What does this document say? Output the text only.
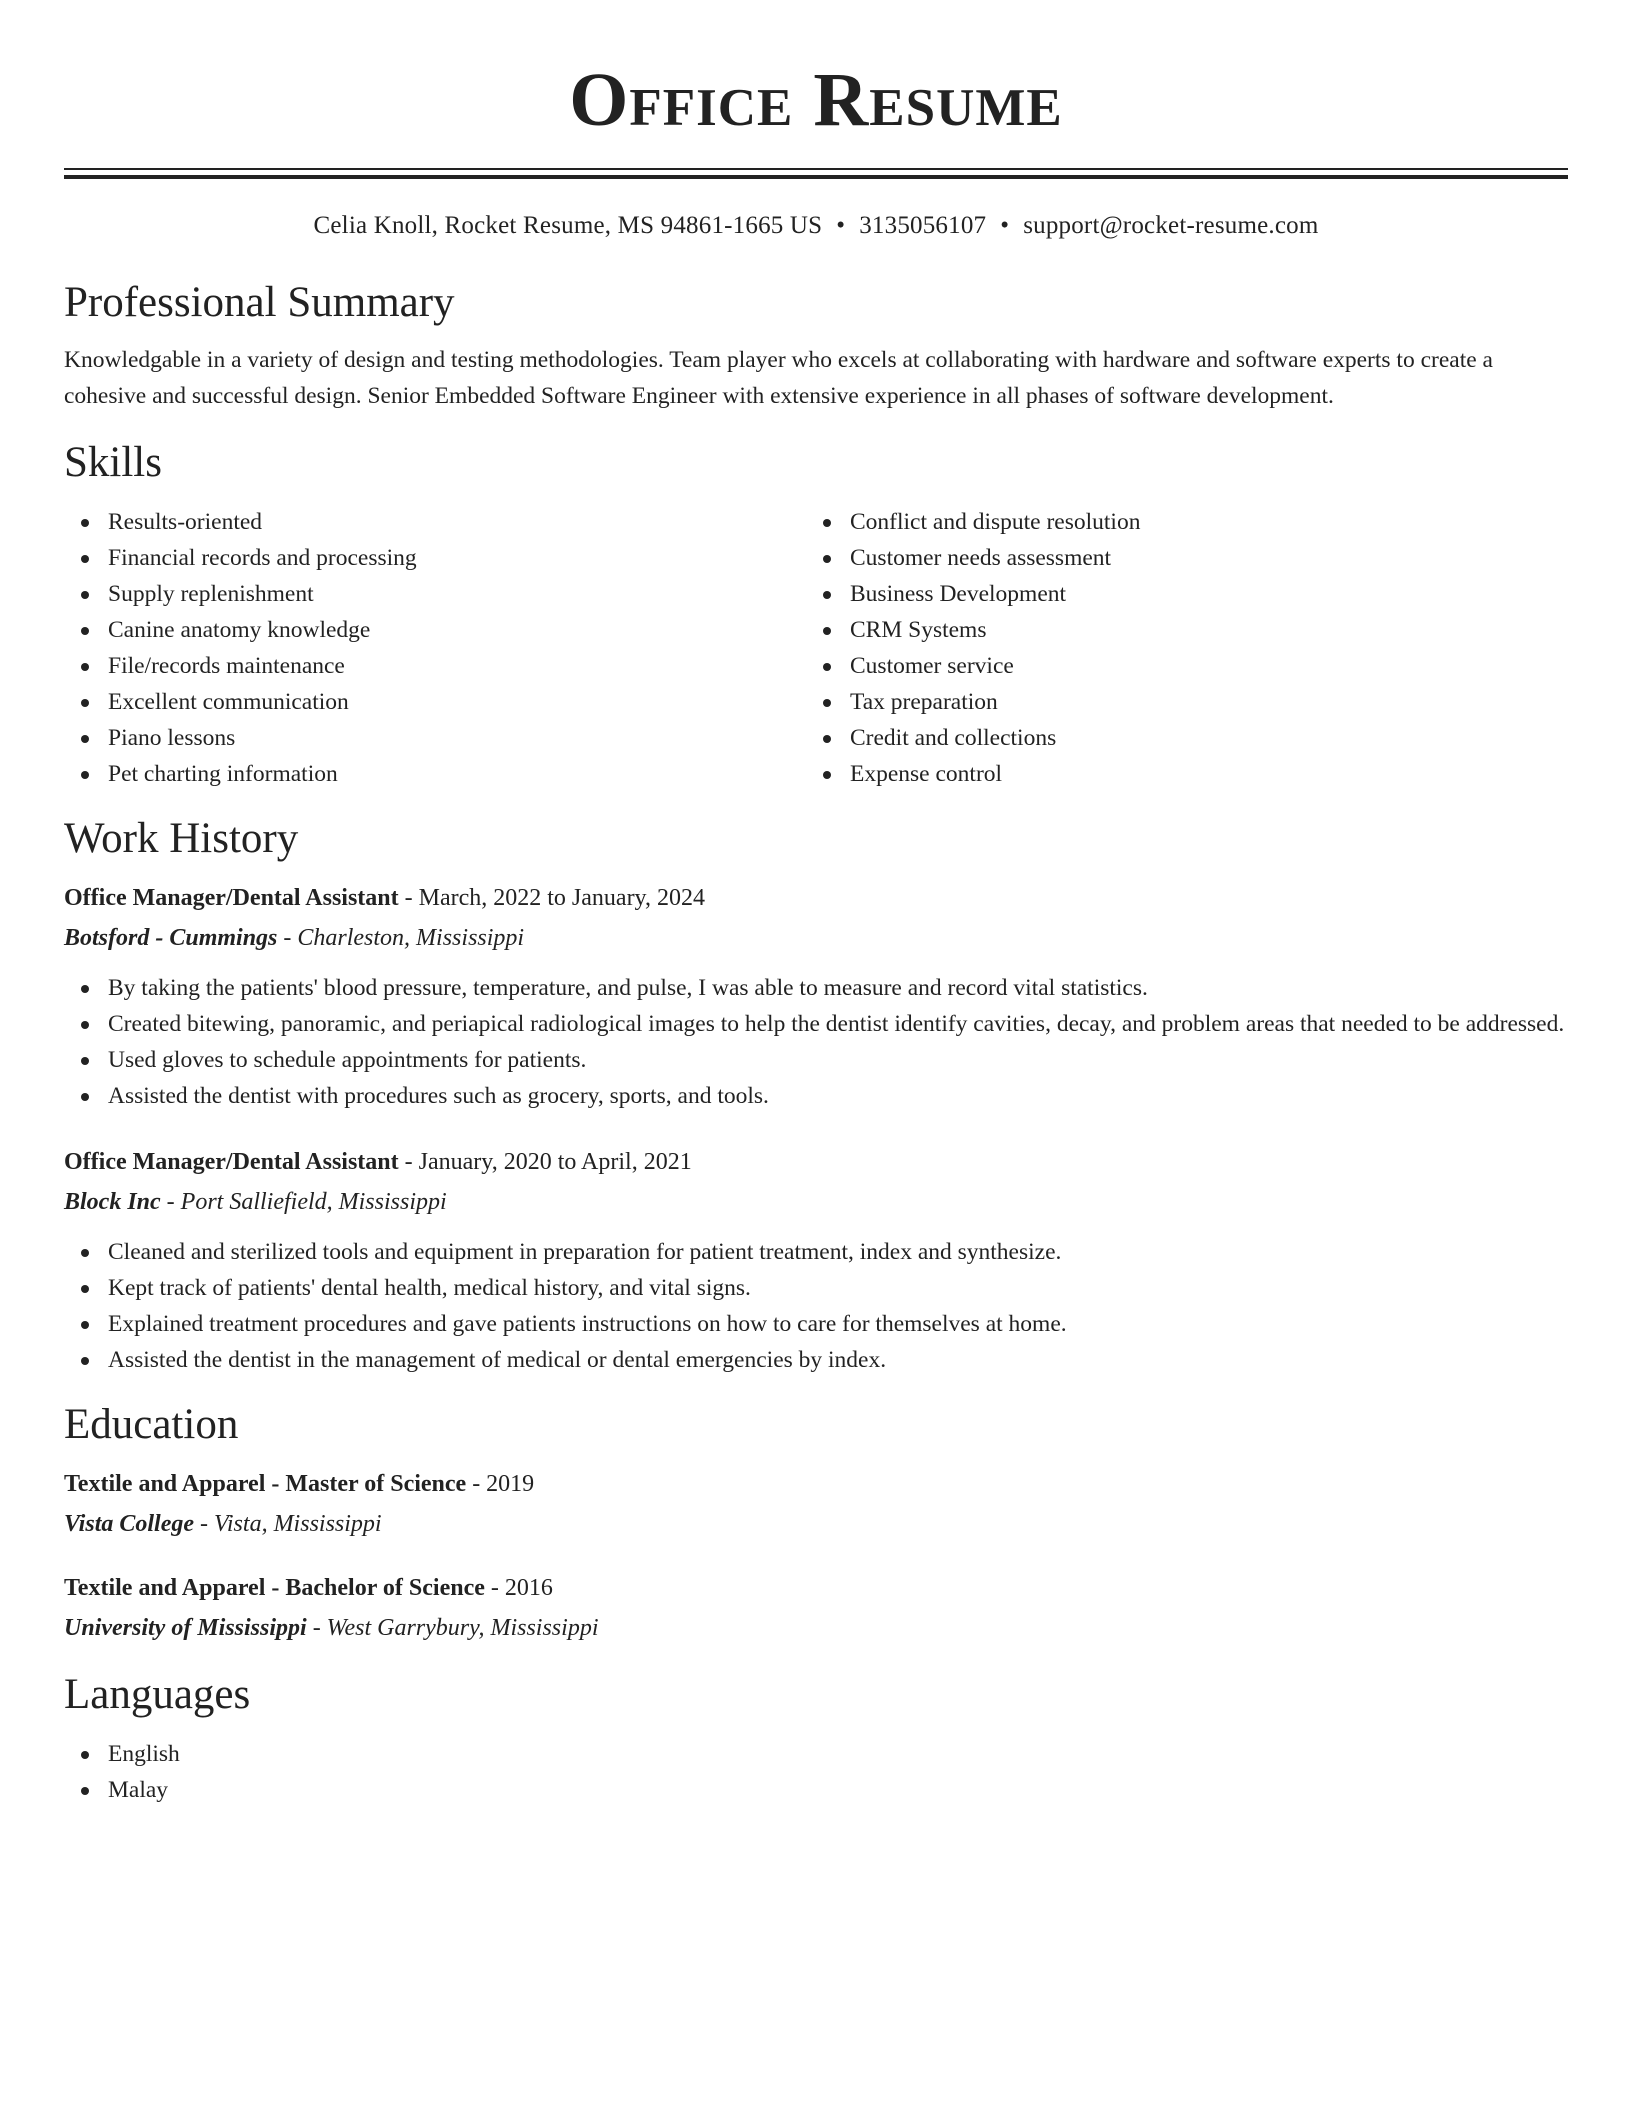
Office Resume
Celia Knoll, Rocket Resume, MS 94861-1665 US • 3135056107 • support@rocket-resume.com
Professional Summary

Knowledgable in a variety of design and testing methodologies. Team player who excels at collaborating with hardware and software experts to create a cohesive and successful design. Senior Embedded Software Engineer with extensive experience in all phases of software development.

Skills
Results-oriented
Financial records and processing
Supply replenishment
Canine anatomy knowledge
File/records maintenance
Excellent communication
Piano lessons
Pet charting information
Conflict and dispute resolution
Customer needs assessment
Business Development
CRM Systems
Customer service
Tax preparation
Credit and collections
Expense control
Work History
Office Manager/Dental Assistant - March, 2022 to January, 2024
Botsford - Cummings - Charleston, Mississippi
By taking the patients' blood pressure, temperature, and pulse, I was able to measure and record vital statistics.
Created bitewing, panoramic, and periapical radiological images to help the dentist identify cavities, decay, and problem areas that needed to be addressed.
Used gloves to schedule appointments for patients.
Assisted the dentist with procedures such as grocery, sports, and tools.
Office Manager/Dental Assistant - January, 2020 to April, 2021
Block Inc - Port Salliefield, Mississippi
Cleaned and sterilized tools and equipment in preparation for patient treatment, index and synthesize.
Kept track of patients' dental health, medical history, and vital signs.
Explained treatment procedures and gave patients instructions on how to care for themselves at home.
Assisted the dentist in the management of medical or dental emergencies by index.
Education
Textile and Apparel - Master of Science - 2019
Vista College - Vista, Mississippi
Textile and Apparel - Bachelor of Science - 2016
University of Mississippi - West Garrybury, Mississippi
Languages
English
Malay
